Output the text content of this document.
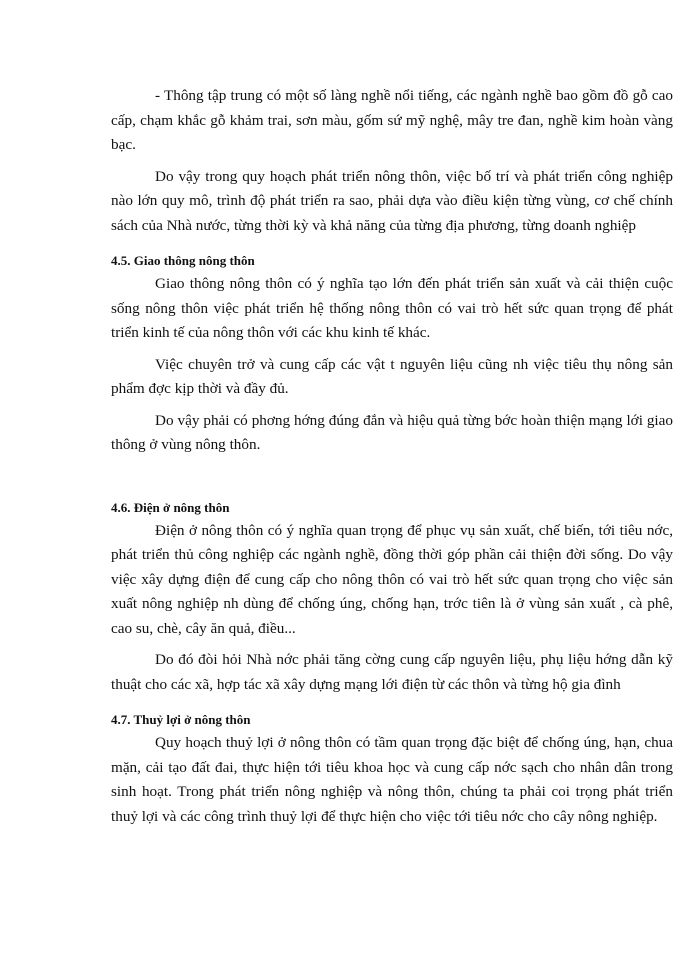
- Thông tập trung có một số làng nghề nổi tiếng, các ngành nghề bao gồm đồ gỗ cao cấp, chạm khắc gỗ khảm trai, sơn màu, gốm sứ mỹ nghệ, mây tre đan, nghề kim hoàn vàng bạc.

Do vậy trong quy hoạch phát triển nông thôn, việc bố trí và phát triển công nghiệp nào lớn quy mô, trình độ phát triển ra sao, phải dựa vào điều kiện từng vùng, cơ chế chính sách của Nhà nước, từng thời kỳ và khả năng của từng địa phương, từng doanh nghiệp

4.5. Giao thông nông thôn

Giao thông nông thôn có ý nghĩa tạo lớn đến phát triển sản xuất và cải thiện cuộc sống nông thôn việc phát triển hệ thống nông thôn có vai trò hết sức quan trọng để phát triển kinh tế của nông thôn với các khu kinh tế khác.

Việc chuyên trở và cung cấp các vật t nguyên liệu cũng nh việc tiêu thụ nông sản phẩm đợc kịp thời và đầy đủ.

Do vậy phải có phơng hớng đúng đắn và hiệu quả từng bớc hoàn thiện mạng lới giao thông ở vùng nông thôn.

4.6. Điện ở nông thôn

Điện ở nông thôn có ý nghĩa quan trọng để phục vụ sản xuất, chế biến, tới tiêu nớc, phát triển thủ công nghiệp các ngành nghề, đồng thời góp phần cải thiện đời sống. Do vậy việc xây dựng điện để cung cấp cho nông thôn có vai trò hết sức quan trọng cho việc sản xuất nông nghiệp nh dùng để chống úng, chống hạn, trớc tiên là ở vùng sản xuất , cà phê, cao su, chè, cây ăn quả, điều...

Do đó đòi hỏi Nhà nớc phải tăng cờng cung cấp nguyên liệu, phụ liệu hớng dẫn kỹ thuật cho các xã, hợp tác xã xây dựng mạng lới điện từ các thôn và từng hộ gia đình

4.7. Thuỷ lợi ở nông thôn

Quy hoạch thuỷ lợi ở nông thôn có tầm quan trọng đặc biệt để chống úng, hạn, chua mặn, cải tạo đất đai, thực hiện tới tiêu khoa học và cung cấp nớc sạch cho nhân dân trong sinh hoạt. Trong phát triển nông nghiệp và nông thôn, chúng ta phải coi trọng phát triển thuỷ lợi và các công trình thuỷ lợi để thực hiện cho việc tới tiêu nớc cho cây nông nghiệp.
